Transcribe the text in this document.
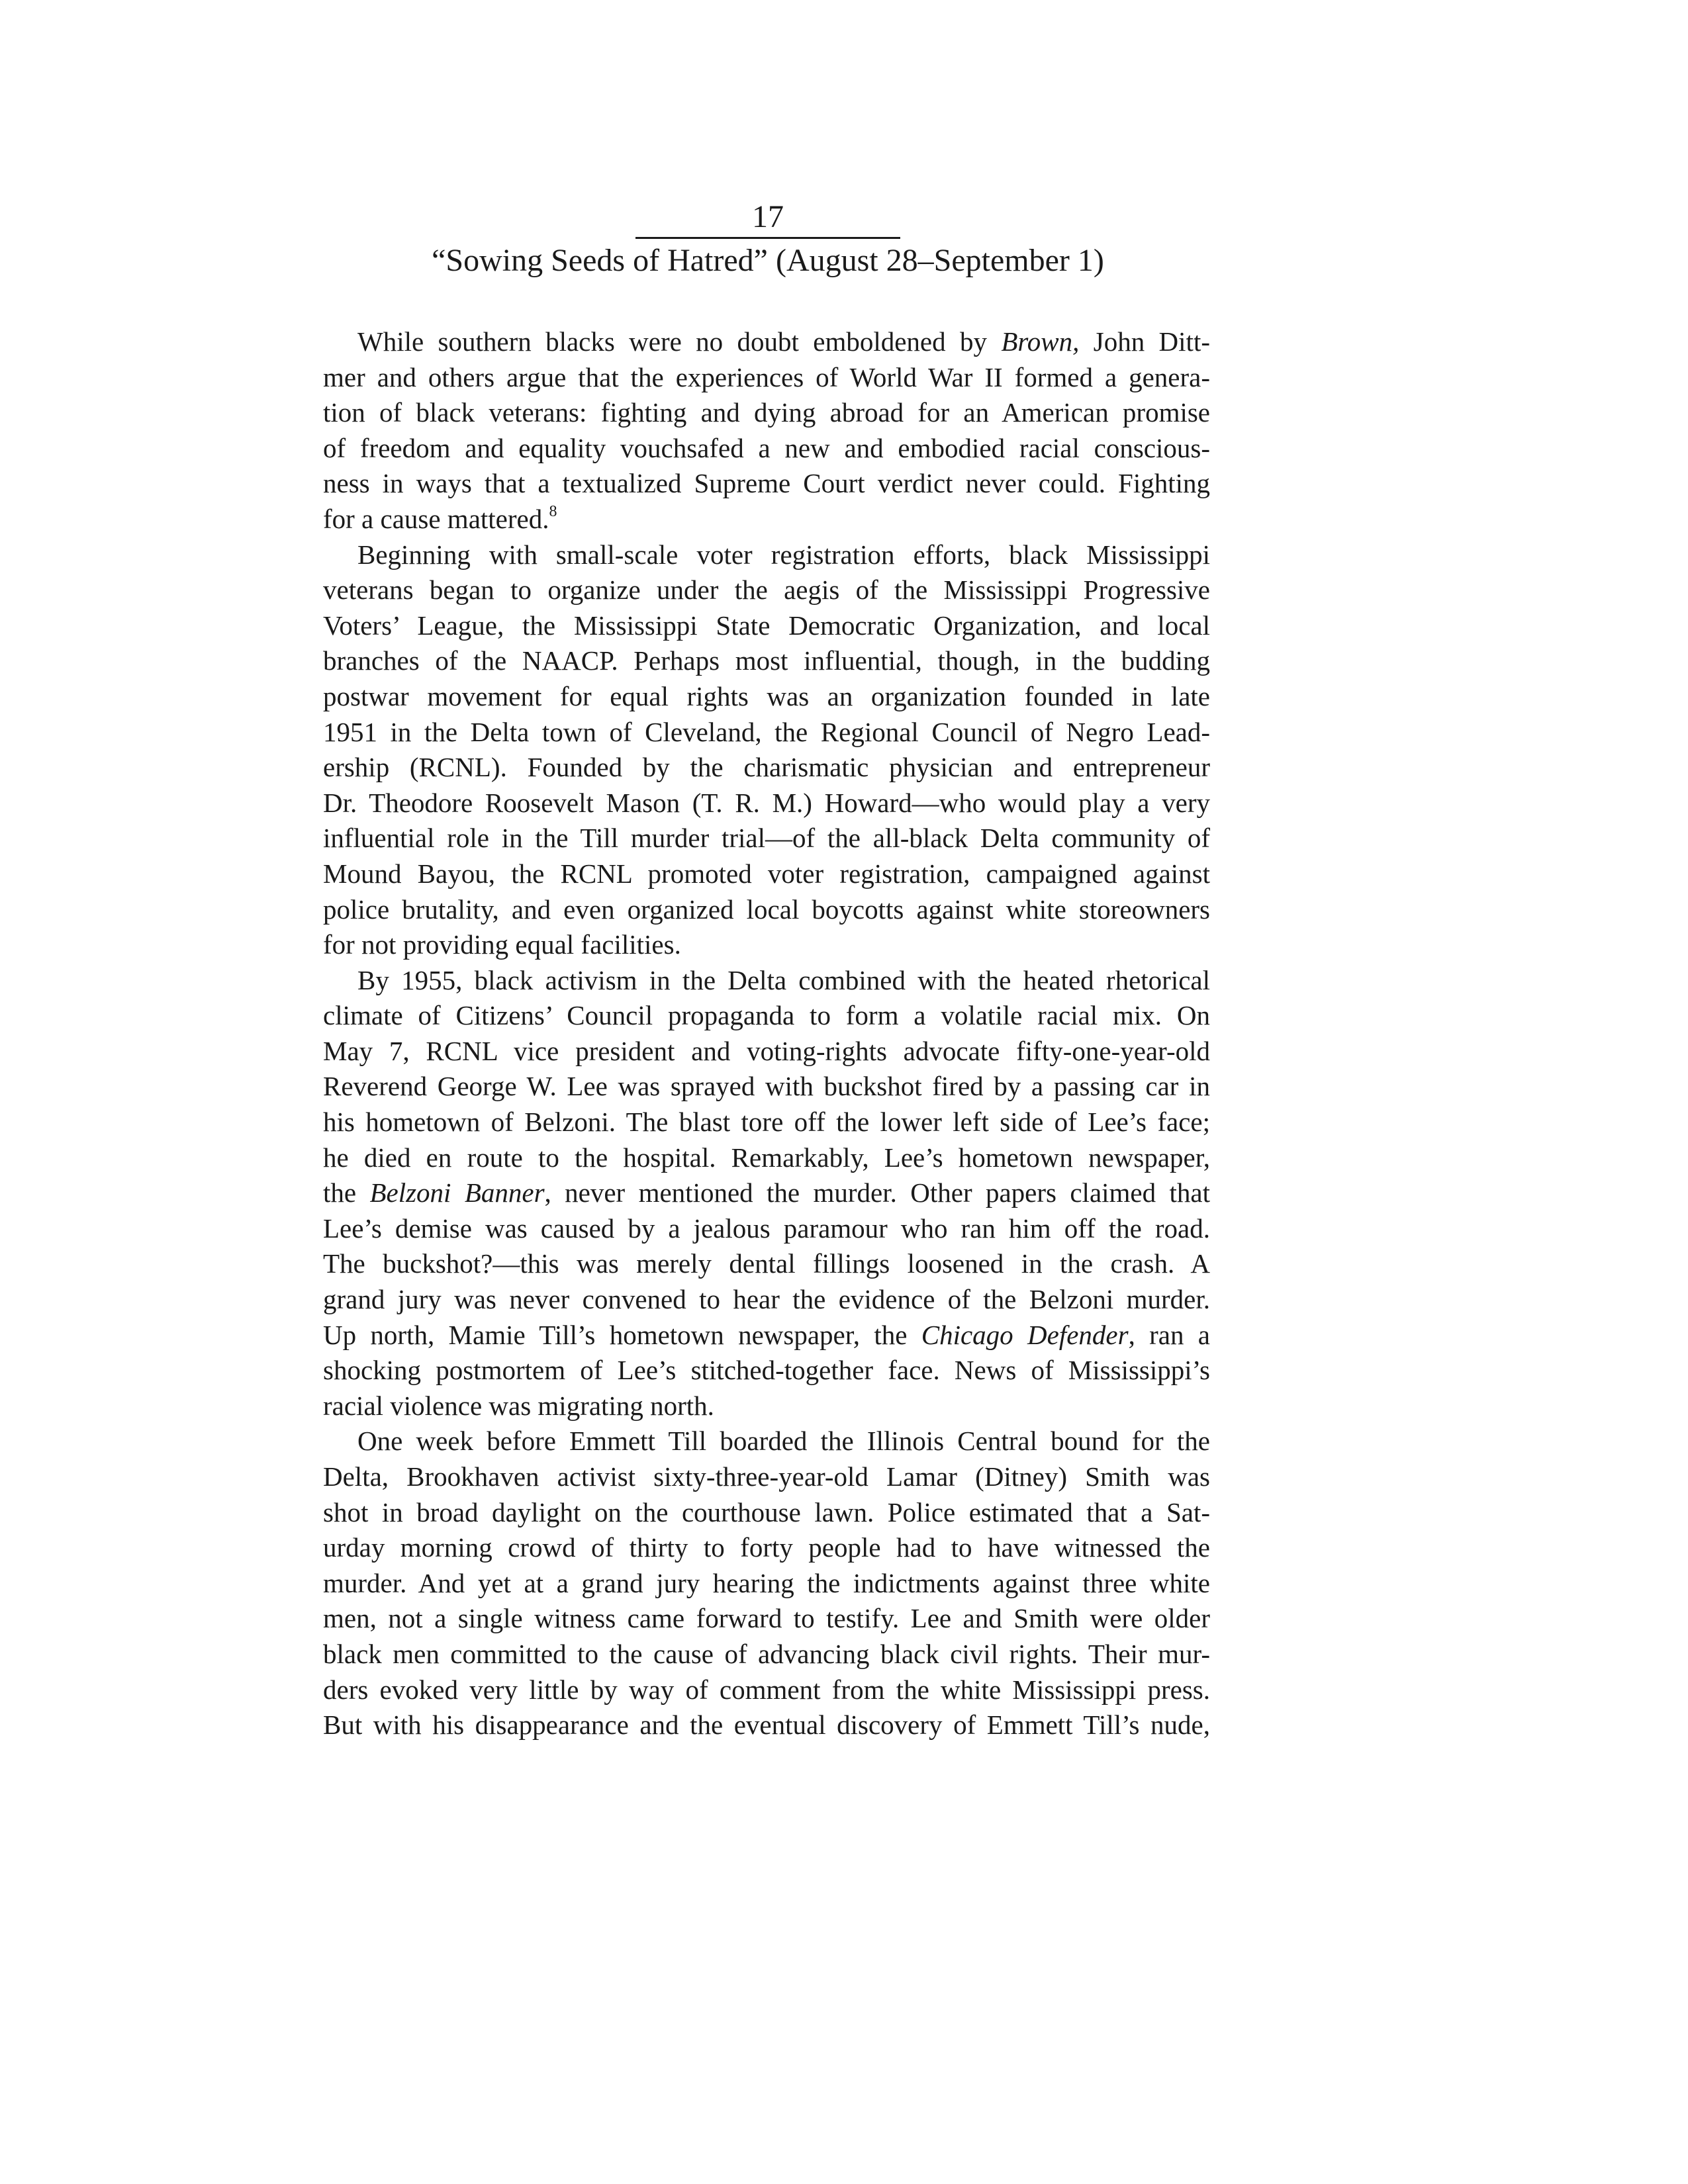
17
“Sowing Seeds of Hatred” (August 28–September 1)
While southern blacks were no doubt emboldened by Brown, John Ditt-
mer and others argue that the experiences of World War II formed a genera-
tion of black veterans: fighting and dying abroad for an American promise
of freedom and equality vouchsafed a new and embodied racial conscious-
ness in ways that a textualized Supreme Court verdict never could. Fighting
for a cause mattered.$^8$
Beginning with small-scale voter registration efforts, black Mississippi
veterans began to organize under the aegis of the Mississippi Progressive
Voters’ League, the Mississippi State Democratic Organization, and local
branches of the NAACP. Perhaps most influential, though, in the budding
postwar movement for equal rights was an organization founded in late
1951 in the Delta town of Cleveland, the Regional Council of Negro Lead-
ership (RCNL). Founded by the charismatic physician and entrepreneur
Dr. Theodore Roosevelt Mason (T. R. M.) Howard—who would play a very
influential role in the Till murder trial—of the all-black Delta community of
Mound Bayou, the RCNL promoted voter registration, campaigned against
police brutality, and even organized local boycotts against white storeowners
for not providing equal facilities.
By 1955, black activism in the Delta combined with the heated rhetorical
climate of Citizens’ Council propaganda to form a volatile racial mix. On
May 7, RCNL vice president and voting-rights advocate fifty-one-year-old
Reverend George W. Lee was sprayed with buckshot fired by a passing car in
his hometown of Belzoni. The blast tore off the lower left side of Lee’s face;
he died en route to the hospital. Remarkably, Lee’s hometown newspaper,
the Belzoni Banner, never mentioned the murder. Other papers claimed that
Lee’s demise was caused by a jealous paramour who ran him off the road.
The buckshot?—this was merely dental fillings loosened in the crash. A
grand jury was never convened to hear the evidence of the Belzoni murder.
Up north, Mamie Till’s hometown newspaper, the Chicago Defender, ran a
shocking postmortem of Lee’s stitched-together face. News of Mississippi’s
racial violence was migrating north.
One week before Emmett Till boarded the Illinois Central bound for the
Delta, Brookhaven activist sixty-three-year-old Lamar (Ditney) Smith was
shot in broad daylight on the courthouse lawn. Police estimated that a Sat-
urday morning crowd of thirty to forty people had to have witnessed the
murder. And yet at a grand jury hearing the indictments against three white
men, not a single witness came forward to testify. Lee and Smith were older
black men committed to the cause of advancing black civil rights. Their mur-
ders evoked very little by way of comment from the white Mississippi press.
But with his disappearance and the eventual discovery of Emmett Till’s nude,
